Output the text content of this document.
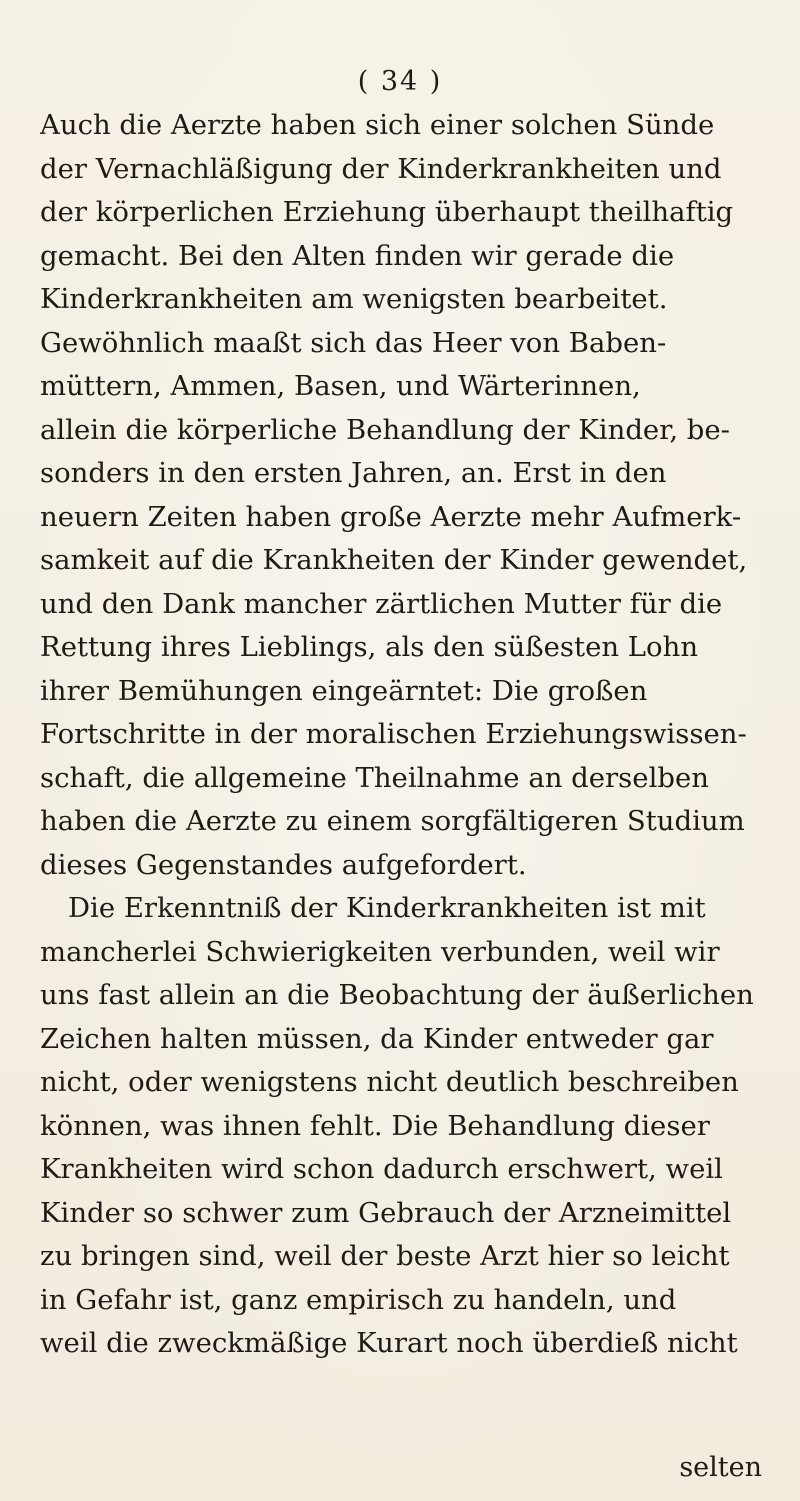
( 34 )
Auch die Aerzte haben sich einer solchen Sünde
der Vernachläßigung der Kinderkrankheiten und
der körperlichen Erziehung überhaupt theilhaftig
gemacht. Bei den Alten finden wir gerade die
Kinderkrankheiten am wenigsten bearbeitet.
Gewöhnlich maaßt sich das Heer von Baben-
müttern, Ammen, Basen, und Wärterinnen,
allein die körperliche Behandlung der Kinder, be-
sonders in den ersten Jahren, an. Erst in den
neuern Zeiten haben große Aerzte mehr Aufmerk-
samkeit auf die Krankheiten der Kinder gewendet,
und den Dank mancher zärtlichen Mutter für die
Rettung ihres Lieblings, als den süßesten Lohn
ihrer Bemühungen eingeärntet: Die großen
Fortschritte in der moralischen Erziehungswissen-
schaft, die allgemeine Theilnahme an derselben
haben die Aerzte zu einem sorgfältigeren Studium
dieses Gegenstandes aufgefordert.
Die Erkenntniß der Kinderkrankheiten ist mit
mancherlei Schwierigkeiten verbunden, weil wir
uns fast allein an die Beobachtung der äußerlichen
Zeichen halten müssen, da Kinder entweder gar
nicht, oder wenigstens nicht deutlich beschreiben
können, was ihnen fehlt. Die Behandlung dieser
Krankheiten wird schon dadurch erschwert, weil
Kinder so schwer zum Gebrauch der Arzneimittel
zu bringen sind, weil der beste Arzt hier so leicht
in Gefahr ist, ganz empirisch zu handeln, und
weil die zweckmäßige Kurart noch überdieß nicht
selten
